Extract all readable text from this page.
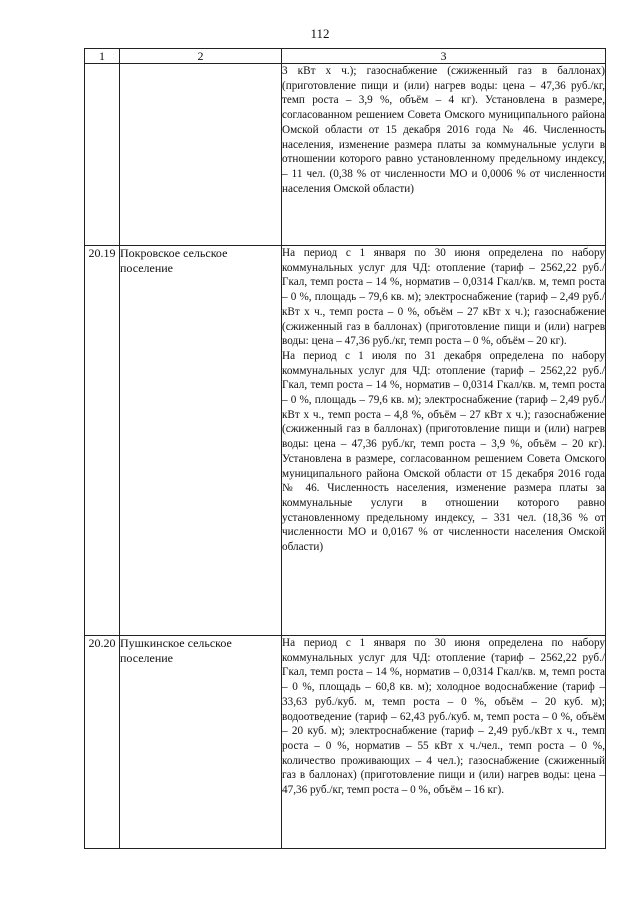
112
1	2	3

		3 кВт х ч.); газоснабжение (сжиженный газ в баллонах) (приготовление пищи и (или) нагрев воды: цена – 47,36 руб./кг, темп роста – 3,9 %, объём – 4 кг). Установлена в размере, согласованном решением Совета Омского муниципального района Омской области от 15 декабря 2016 года № 46. Численность населения, изменение размера платы за коммунальные услуги в отношении которого равно установленному предельному индексу, – 11 чел. (0,38 % от численности МО и 0,0006 % от численности населения Омской области)

20.19	Покровское сельское поселение	На период с 1 января по 30 июня определена по набору коммунальных услуг для ЧД: отопление (тариф – 2562,22 руб./Гкал, темп роста – 14 %, норматив – 0,0314 Гкал/кв. м, темп роста – 0 %, площадь – 79,6 кв. м); электроснабжение (тариф – 2,49 руб./кВт х ч., темп роста – 0 %, объём – 27 кВт х ч.); газоснабжение (сжиженный газ в баллонах) (приготовление пищи и (или) нагрев воды: цена – 47,36 руб./кг, темп роста – 0 %, объём – 20 кг).

На период с 1 июля по 31 декабря определена по набору коммунальных услуг для ЧД: отопление (тариф – 2562,22 руб./Гкал, темп роста – 14 %, норматив – 0,0314 Гкал/кв. м, темп роста – 0 %, площадь – 79,6 кв. м); электроснабжение (тариф – 2,49 руб./кВт х ч., темп роста – 4,8 %, объём – 27 кВт х ч.); газоснабжение (сжиженный газ в баллонах) (приготовление пищи и (или) нагрев воды: цена – 47,36 руб./кг, темп роста – 3,9 %, объём – 20 кг). Установлена в размере, согласованном решением Совета Омского муниципального района Омской области от 15 декабря 2016 года № 46. Численность населения, изменение размера платы за коммунальные услуги в отношении которого равно установленному предельному индексу, – 331 чел. (18,36 % от численности МО и 0,0167 % от численности населения Омской области)

20.20	Пушкинское сельское поселение	На период с 1 января по 30 июня определена по набору коммунальных услуг для ЧД: отопление (тариф – 2562,22 руб./Гкал, темп роста – 14 %, норматив – 0,0314 Гкал/кв. м, темп роста – 0 %, площадь – 60,8 кв. м); холодное водоснабжение (тариф – 33,63 руб./куб. м, темп роста – 0 %, объём – 20 куб. м); водоотведение (тариф – 62,43 руб./куб. м, темп роста – 0 %, объём – 20 куб. м); электроснабжение (тариф – 2,49 руб./кВт х ч., темп роста – 0 %, норматив – 55 кВт х ч./чел., темп роста – 0 %, количество проживающих – 4 чел.); газоснабжение (сжиженный газ в баллонах) (приготовление пищи и (или) нагрев воды: цена – 47,36 руб./кг, темп роста – 0 %, объём – 16 кг).
